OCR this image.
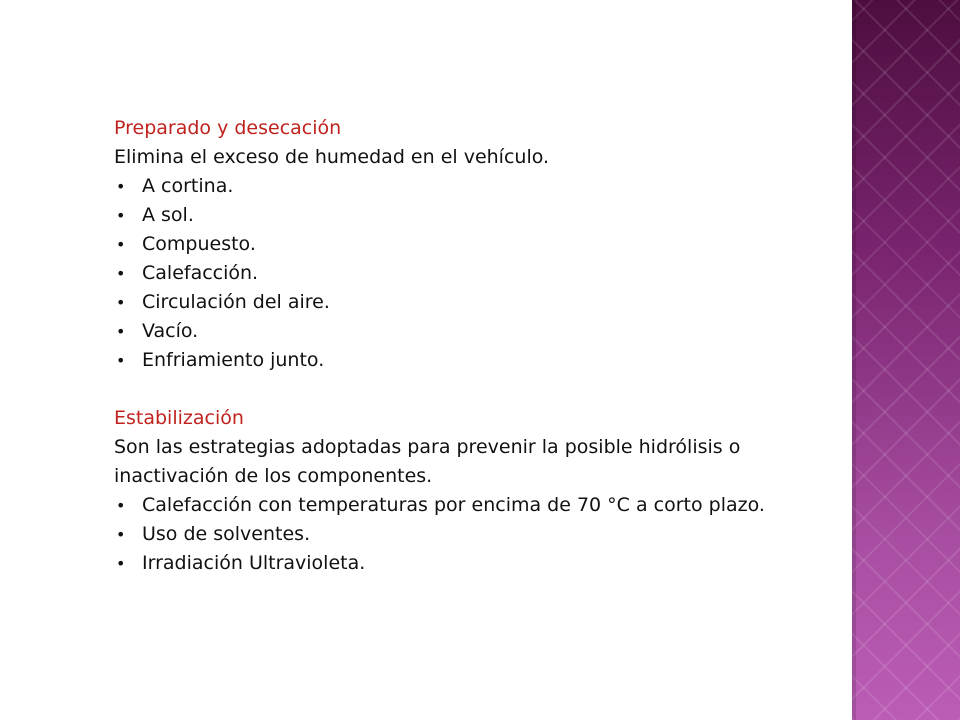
Preparado y desecación

Elimina el exceso de humedad en el vehículo.

• A cortina.
• A sol.
• Compuesto.
• Calefacción.
• Circulación del aire.
• Vacío.
• Enfriamiento junto.
Estabilización

Son las estrategias adoptadas para prevenir la posible hidrólisis o inactivación de los componentes.

• Calefacción con temperaturas por encima de 70 °C a corto plazo.
• Uso de solventes.
• Irradiación Ultravioleta.
